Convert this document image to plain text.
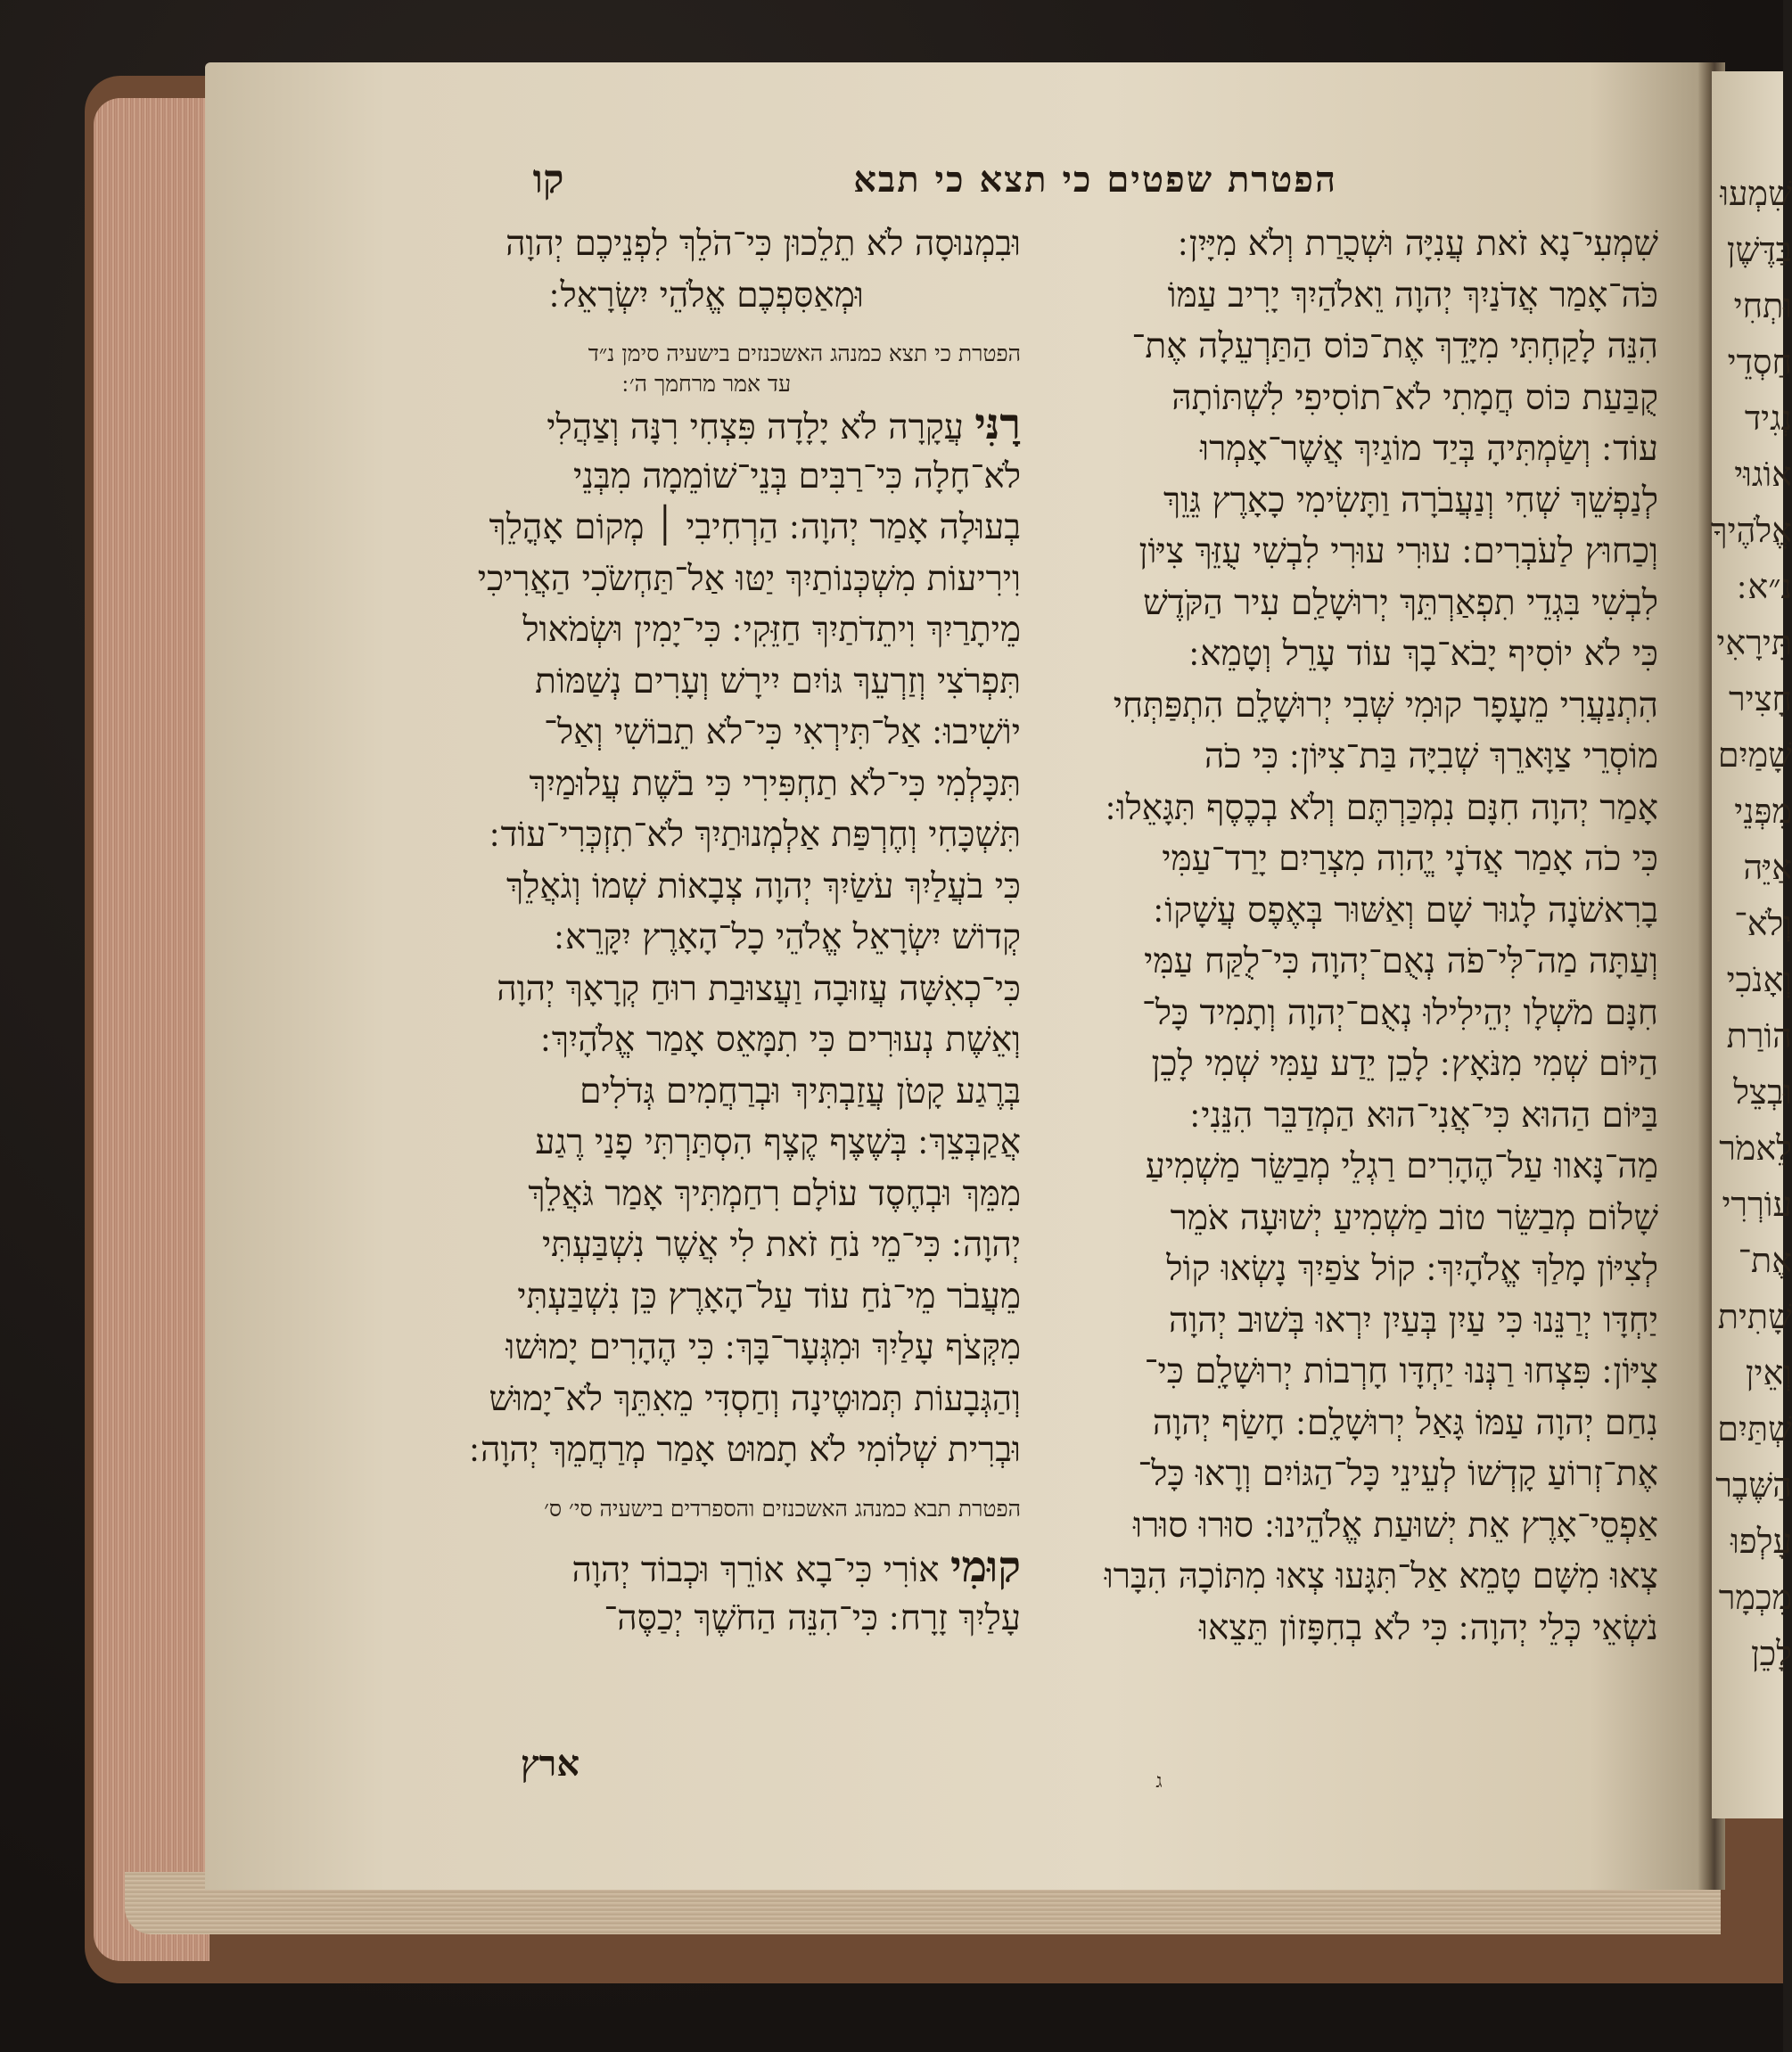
שִׁמְעוּ
בַּדֶּשֶׁן
וּתְחִי
חַסְדֵי
נְגִיד
אוֹגוּי
אֱלֹהֶיךָ
נ״א ׃
תִּירָאִי
חָצִיר
שָׁמַיִם
מִפְּנֵי
אַיֵּה
וְלֹא־
וְאָנֹכִי
הוֹרַת
וּבְצֵל
לֵאמֹר
עוֹרְרִי
אֶת־
שָׁתִית
וְאֵין
שְׁתַּיִם
הַשֶּׁבֶר
עָלְפוּ
מִכְמָר
לָכֵן
הפטרת שפטים כי תצא כי תבא
קו
שִׁמְעִי־נָא זֹאת עֲנִיָּה וּשְׁכֻרַת וְלֹא מִיָּיִן ׃
כֹּה־אָמַר אֲדֹנַיִךְ יְהוָה וֵאלֹהַיִךְ יָרִיב עַמּוֹ
הִנֵּה לָקַחְתִּי מִיָּדֵךְ אֶת־כּוֹס הַתַּרְעֵלָה אֶת־
קֻבַּעַת כּוֹס חֲמָתִי לֹא־תוֹסִיפִי לִשְׁתּוֹתָהּ
עוֹד ׃ וְשַׂמְתִּיהָ בְּיַד מוֹגַיִךְ אֲשֶׁר־אָמְרוּ
לְנַפְשֵׁךְ שְׁחִי וְנַעֲבֹרָה וַתָּשִׂימִי כָאָרֶץ גֵּוֵךְ
וְכַחוּץ לַעֹבְרִים ׃ עוּרִי עוּרִי לִבְשִׁי עֻזֵּךְ צִיּוֹן
לִבְשִׁי בִּגְדֵי תִפְאַרְתֵּךְ יְרוּשָׁלִַם עִיר הַקֹּדֶשׁ
כִּי לֹא יוֹסִיף יָבֹא־בָךְ עוֹד עָרֵל וְטָמֵא ׃
הִתְנַעֲרִי מֵעָפָר קוּמִי שְּׁבִי יְרוּשָׁלִָם הִתְפַּתְּחִי
מוֹסְרֵי צַוָּארֵךְ שְׁבִיָּה בַּת־צִיּוֹן ׃ כִּי כֹה
אָמַר יְהוָה חִנָּם נִמְכַּרְתֶּם וְלֹא בְכֶסֶף תִּגָּאֵלוּ ׃
כִּי כֹה אָמַר אֲדֹנָי יֱהוִה מִצְרַיִם יָרַד־עַמִּי
בָרִאשֹׁנָה לָגוּר שָׁם וְאַשּׁוּר בְּאֶפֶס עֲשָׁקוֹ ׃
וְעַתָּה מַה־לִּי־פֹה נְאֻם־יְהוָה כִּי־לֻקַּח עַמִּי
חִנָּם מֹשְׁלָו יְהֵילִילוּ נְאֻם־יְהוָה וְתָמִיד כָּל־
הַיּוֹם שְׁמִי מִנֹּאָץ ׃ לָכֵן יֵדַע עַמִּי שְׁמִי לָכֵן
בַּיּוֹם הַהוּא כִּי־אֲנִי־הוּא הַמְדַבֵּר הִנֵּנִי ׃
מַה־נָּאווּ עַל־הֶהָרִים רַגְלֵי מְבַשֵּׂר מַשְׁמִיעַ
שָׁלוֹם מְבַשֵּׂר טוֹב מַשְׁמִיעַ יְשׁוּעָה אֹמֵר
לְצִיּוֹן מָלַךְ אֱלֹהָיִךְ ׃ קוֹל צֹפַיִךְ נָשְׂאוּ קוֹל
יַחְדָּו יְרַנֵּנוּ כִּי עַיִן בְּעַיִן יִרְאוּ בְּשׁוּב יְהוָה
צִיּוֹן ׃ פִּצְחוּ רַנְּנוּ יַחְדָּו חָרְבוֹת יְרוּשָׁלִָם כִּי־
נִחַם יְהוָה עַמּוֹ גָּאַל יְרוּשָׁלִָם ׃ חָשַׂף יְהוָה
אֶת־זְרוֹעַ קָדְשׁוֹ לְעֵינֵי כָּל־הַגּוֹיִם וְרָאוּ כָּל־
אַפְסֵי־אָרֶץ אֵת יְשׁוּעַת אֱלֹהֵינוּ ׃ סוּרוּ סוּרוּ
צְאוּ מִשָּׁם טָמֵא אַל־תִּגָּעוּ צְאוּ מִתּוֹכָהּ הִבָּרוּ
נֹשְׂאֵי כְּלֵי יְהוָה ׃ כִּי לֹא בְחִפָּזוֹן תֵּצֵאוּ
וּבִמְנוּסָה לֹא תֵלֵכוּן כִּי־הֹלֵךְ לִפְנֵיכֶם יְהוָה
וּמְאַסִּפְכֶם אֱלֹהֵי יִשְׂרָאֵל ׃
הפטרת כי תצא כמנהג האשכנזים בישעיה סימן נ״ד
עד אמר מרחמך ה׳ ׃
רָנִּי עֲקָרָה לֹא יָלָדָה פִּצְחִי רִנָּה וְצַהֲלִי
לֹא־חָלָה כִּי־רַבִּים בְּנֵי־שׁוֹמֵמָה מִבְּנֵי
בְעוּלָה אָמַר יְהוָה ׃ הַרְחִיבִי ׀ מְקוֹם אָהֳלֵךְ
וִירִיעוֹת מִשְׁכְּנוֹתַיִךְ יַטּוּ אַל־תַּחְשֹׂכִי הַאֲרִיכִי
מֵיתָרַיִךְ וִיתֵדֹתַיִךְ חַזֵּקִי ׃ כִּי־יָמִין וּשְׂמֹאול
תִּפְרֹצִי וְזַרְעֵךְ גּוֹיִם יִירָשׁ וְעָרִים נְשַׁמּוֹת
יוֹשִׁיבוּ ׃ אַל־תִּירְאִי כִּי־לֹא תֵבוֹשִׁי וְאַל־
תִּכָּלְמִי כִּי־לֹא תַחְפִּירִי כִּי בֹשֶׁת עֲלוּמַיִךְ
תִּשְׁכָּחִי וְחֶרְפַּת אַלְמְנוּתַיִךְ לֹא־תִזְכְּרִי־עוֹד ׃
כִּי בֹעֲלַיִךְ עֹשַׂיִךְ יְהוָה צְבָאוֹת שְׁמוֹ וְגֹאֲלֵךְ
קְדוֹשׁ יִשְׂרָאֵל אֱלֹהֵי כָל־הָאָרֶץ יִקָּרֵא ׃
כִּי־כְאִשָּׁה עֲזוּבָה וַעֲצוּבַת רוּחַ קְרָאָךְ יְהוָה
וְאֵשֶׁת נְעוּרִים כִּי תִמָּאֵס אָמַר אֱלֹהָיִךְ ׃
בְּרֶגַע קָטֹן עֲזַבְתִּיךְ וּבְרַחֲמִים גְּדֹלִים
אֲקַבְּצֵךְ ׃ בְּשֶׁצֶף קֶצֶף הִסְתַּרְתִּי פָנַי רֶגַע
מִמֵּךְ וּבְחֶסֶד עוֹלָם רִחַמְתִּיךְ אָמַר גֹּאֲלֵךְ
יְהוָה ׃ כִּי־מֵי נֹחַ זֹאת לִי אֲשֶׁר נִשְׁבַּעְתִּי
מֵעֲבֹר מֵי־נֹחַ עוֹד עַל־הָאָרֶץ כֵּן נִשְׁבַּעְתִּי
מִקְּצֹף עָלַיִךְ וּמִגְּעָר־בָּךְ ׃ כִּי הֶהָרִים יָמוּשׁוּ
וְהַגְּבָעוֹת תְּמוּטֶינָה וְחַסְדִּי מֵאִתֵּךְ לֹא־יָמוּשׁ
וּבְרִית שְׁלוֹמִי לֹא תָמוּט אָמַר מְרַחֲמֵךְ יְהוָה ׃
הפטרת תבא כמנהג האשכנזים והספרדים בישעיה סי׳ ס׳
קוּמִי אוֹרִי כִּי־בָא אוֹרֵךְ וּכְבוֹד יְהוָה
עָלַיִךְ זָרָח ׃ כִּי־הִנֵּה הַחֹשֶׁךְ יְכַסֶּה־
ארץ	ג
